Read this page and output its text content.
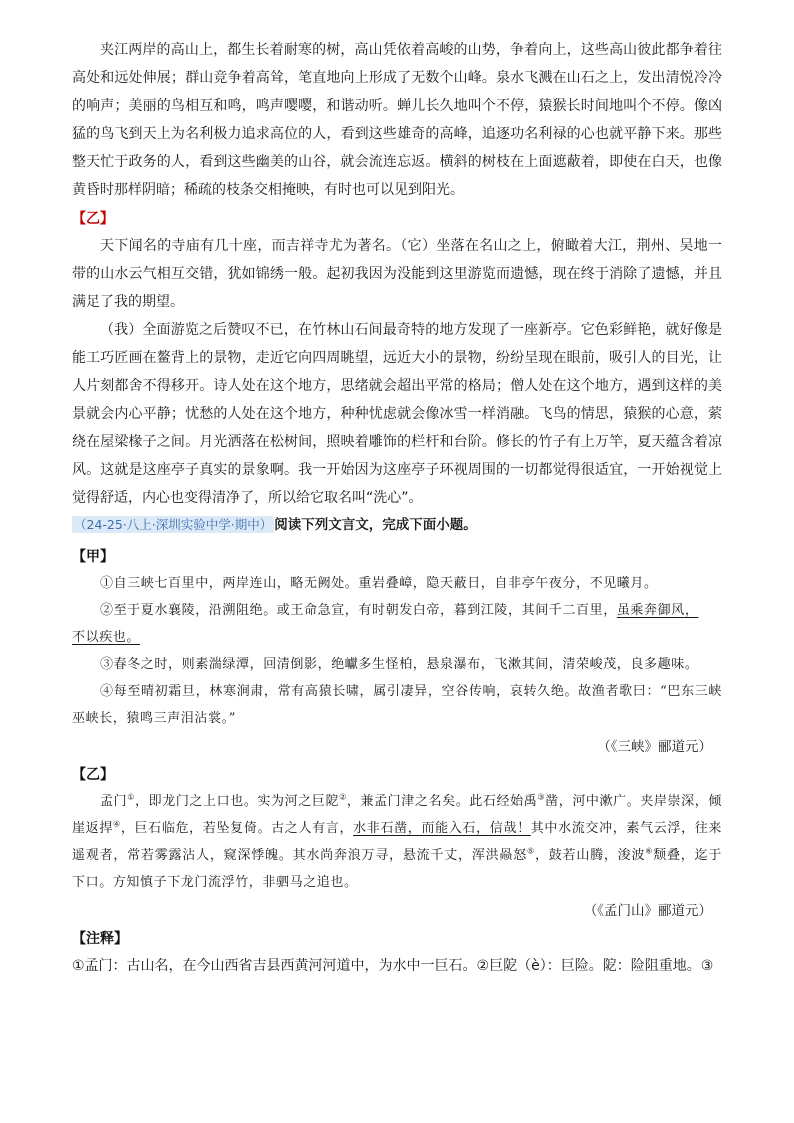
夹江两岸的高山上，都生长着耐寒的树，高山凭依着高峻的山势，争着向上，这些高山彼此都争着往高处和远处伸展；群山竞争着高耸，笔直地向上形成了无数个山峰。泉水飞溅在山石之上，发出清悦冷冷的响声；美丽的鸟相互和鸣，鸣声嘤嘤，和谐动听。蝉儿长久地叫个不停，猿猴长时间地叫个不停。像凶猛的鸟飞到天上为名利极力追求高位的人，看到这些雄奇的高峰，追逐功名利禄的心也就平静下来。那些整天忙于政务的人，看到这些幽美的山谷，就会流连忘返。横斜的树枝在上面遮蔽着，即使在白天，也像黄昏时那样阴暗；稀疏的枝条交相掩映，有时也可以见到阳光。

【乙】

天下闻名的寺庙有几十座，而吉祥寺尤为著名。（它）坐落在名山之上，俯瞰着大江，荆州、吴地一带的山水云气相互交错，犹如锦绣一般。起初我因为没能到这里游览而遗憾，现在终于消除了遗憾，并且满足了我的期望。

（我）全面游览之后赞叹不已，在竹林山石间最奇特的地方发现了一座新亭。它色彩鲜艳，就好像是能工巧匠画在鳌背上的景物，走近它向四周眺望，远近大小的景物，纷纷呈现在眼前，吸引人的目光，让人片刻都舍不得移开。诗人处在这个地方，思绪就会超出平常的格局；僧人处在这个地方，遇到这样的美景就会内心平静；忧愁的人处在这个地方，种种忧虑就会像冰雪一样消融。飞鸟的情思，猿猴的心意，萦绕在屋梁椽子之间。月光洒落在松树间，照映着雕饰的栏杆和台阶。修长的竹子有上万竿，夏天蕴含着凉风。这就是这座亭子真实的景象啊。我一开始因为这座亭子环视周围的一切都觉得很适宜，一开始视觉上觉得舒适，内心也变得清净了，所以给它取名叫“洗心”。

（24-25·八上·深圳实验中学·期中） 阅读下列文言文，完成下面小题。

【甲】

①自三峡七百里中，两岸连山，略无阙处。重岩叠嶂，隐天蔽日，自非亭午夜分，不见曦月。

②至于夏水襄陵，沿溯阻绝。或王命急宣，有时朝发白帝，暮到江陵，其间千二百里，虽乘奔御风，

不以疾也。

③春冬之时，则素湍绿潭，回清倒影，绝巘多生怪柏，悬泉瀑布，飞漱其间，清荣峻茂，良多趣味。

④每至晴初霜旦，林寒涧肃，常有高猿长啸，属引凄异，空谷传响，哀转久绝。故渔者歌曰：“巴东三峡巫峡长，猿鸣三声泪沾裳。”

（《三峡》郦道元）

【乙】

孟门①，即龙门之上口也。实为河之巨阸②，兼孟门津之名矣。此石经始禹③凿，河中漱广。夹岸崇深，倾崖返捍④，巨石临危，若坠复倚。古之人有言，水非石凿，而能入石，信哉！其中水流交冲，素气云浮，往来遥观者，常若雾露沾人，窥深悸魄。其水尚奔浪万寻，悬流千丈，浑洪赑怒⑤，鼓若山腾，浚波⑥颓叠，迄于下口。方知慎子下龙门流浮竹，非驷马之追也。

（《孟门山》郦道元）

【注释】

①孟门：古山名，在今山西省吉县西黄河河道中，为水中一巨石。②巨阸（è）：巨险。阸：险阻重地。③
